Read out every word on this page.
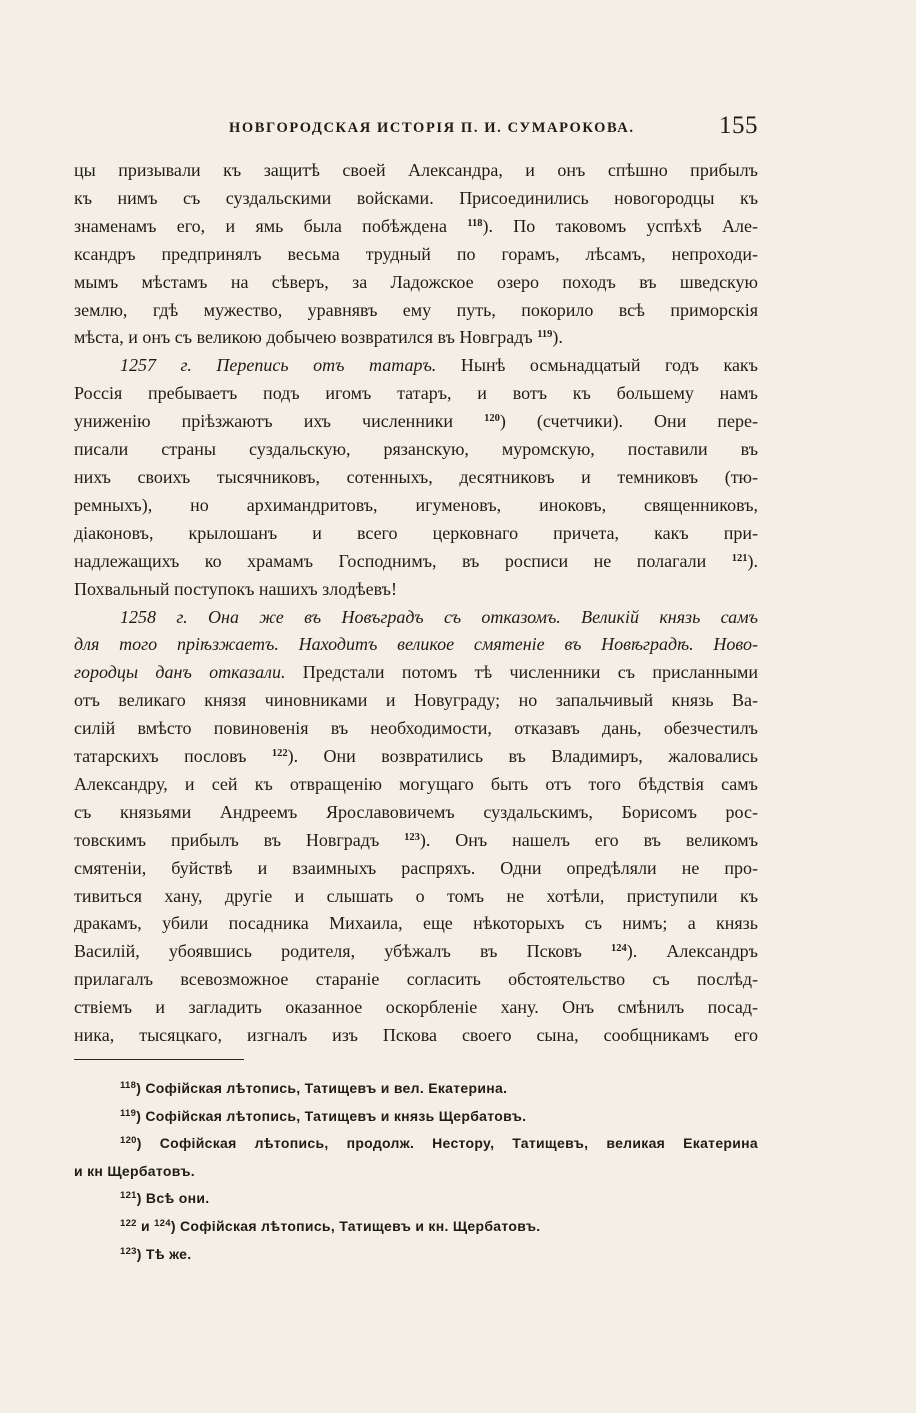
НОВГОРОДСКАЯ ИСТОРІЯ П. И. СУМАРОКОВА.	155

цы призывали къ защитѣ своей Александра, и онъ спѣшно прибылъ
къ нимъ съ суздальскими войсками. Присоединились новогородцы къ
знаменамъ его, и ямь была побѣждена $^{118}$). По таковомъ успѣхѣ Але-
ксандръ предпринялъ весьма трудный по горамъ, лѣсамъ, непроходи-
мымъ мѣстамъ на сѣверъ, за Ладожское озеро походъ въ шведскую
землю, гдѣ мужество, уравнявъ ему путь, покорило всѣ приморскія
мѣста, и онъ съ великою добычею возвратился въ Новградъ $^{119}$).

1257 г. Перепись отъ татаръ. Нынѣ осмьнадцатый годъ какъ
Россія пребываетъ подъ игомъ татаръ, и вотъ къ большему намъ
униженію пріѣзжаютъ ихъ численники	$^{120}$) (счетчики). Они пере-
писали страны суздальскую, рязанскую, муромскую, поставили въ
нихъ своихъ тысячниковъ, сотенныхъ, десятниковъ и темниковъ (тю-
ремныхъ), но архимандритовъ, игуменовъ, иноковъ, священниковъ,
діаконовъ, крылошанъ и всего церковнаго причета, какъ при-
надлежащихъ ко храмамъ Господнимъ, въ росписи не полагали $^{121}$).
Похвальный поступокъ нашихъ злодѣевъ!

1258 г. Она же въ Новъградъ съ отказомъ. Великій князь самъ
для того пріѣзжаетъ. Находитъ великое смятеніе въ Новѣградѣ. Ново-
городцы данъ отказали. Предстали потомъ тѣ численники съ присланными
отъ великаго князя чиновниками и Новуграду; но запальчивый князь Ва-
силій вмѣсто повиновенія въ необходимости, отказавъ дань, обезчестилъ
татарскихъ пословъ $^{122}$). Они возвратились въ Владимиръ, жаловались
Александру, и сей къ отвращенію могущаго быть отъ того бѣдствія самъ
съ князьями Андреемъ Ярославовичемъ суздальскимъ, Борисомъ рос-
товскимъ прибылъ въ Новградъ $^{123}$). Онъ нашелъ его въ великомъ
смятеніи, буйствѣ и взаимныхъ распряхъ. Одни опредѣляли не про-
тивиться хану, другіе и слышать о томъ не хотѣли, приступили къ
дракамъ, убили посадника Михаила, еще нѣкоторыхъ съ нимъ; а князь
Василій, убоявшись родителя, убѣжалъ въ Псковъ	$^{124}$). Александръ
прилагалъ всевозможное стараніе согласить обстоятельство съ послѣд-
ствіемъ и загладить оказанное оскорбленіе хану. Онъ смѣнилъ посад-
ника, тысяцкаго, изгналъ изъ Пскова своего сына, сообщникамъ его

$^{118}$) Софійская лѣтопись, Татищевъ и вел. Екатерина.
$^{119}$) Софійская лѣтопись, Татищевъ и князь Щербатовъ.
$^{120}$) Софійская лѣтопись, продолж. Нестору, Татищевъ, великая Екатерина
и кн Щербатовъ.
$^{121}$) Всѣ они.
$^{122}$ и $^{124}$) Софійская лѣтопись, Татищевъ и кн. Щербатовъ.
$^{123}$) Тѣ же.
